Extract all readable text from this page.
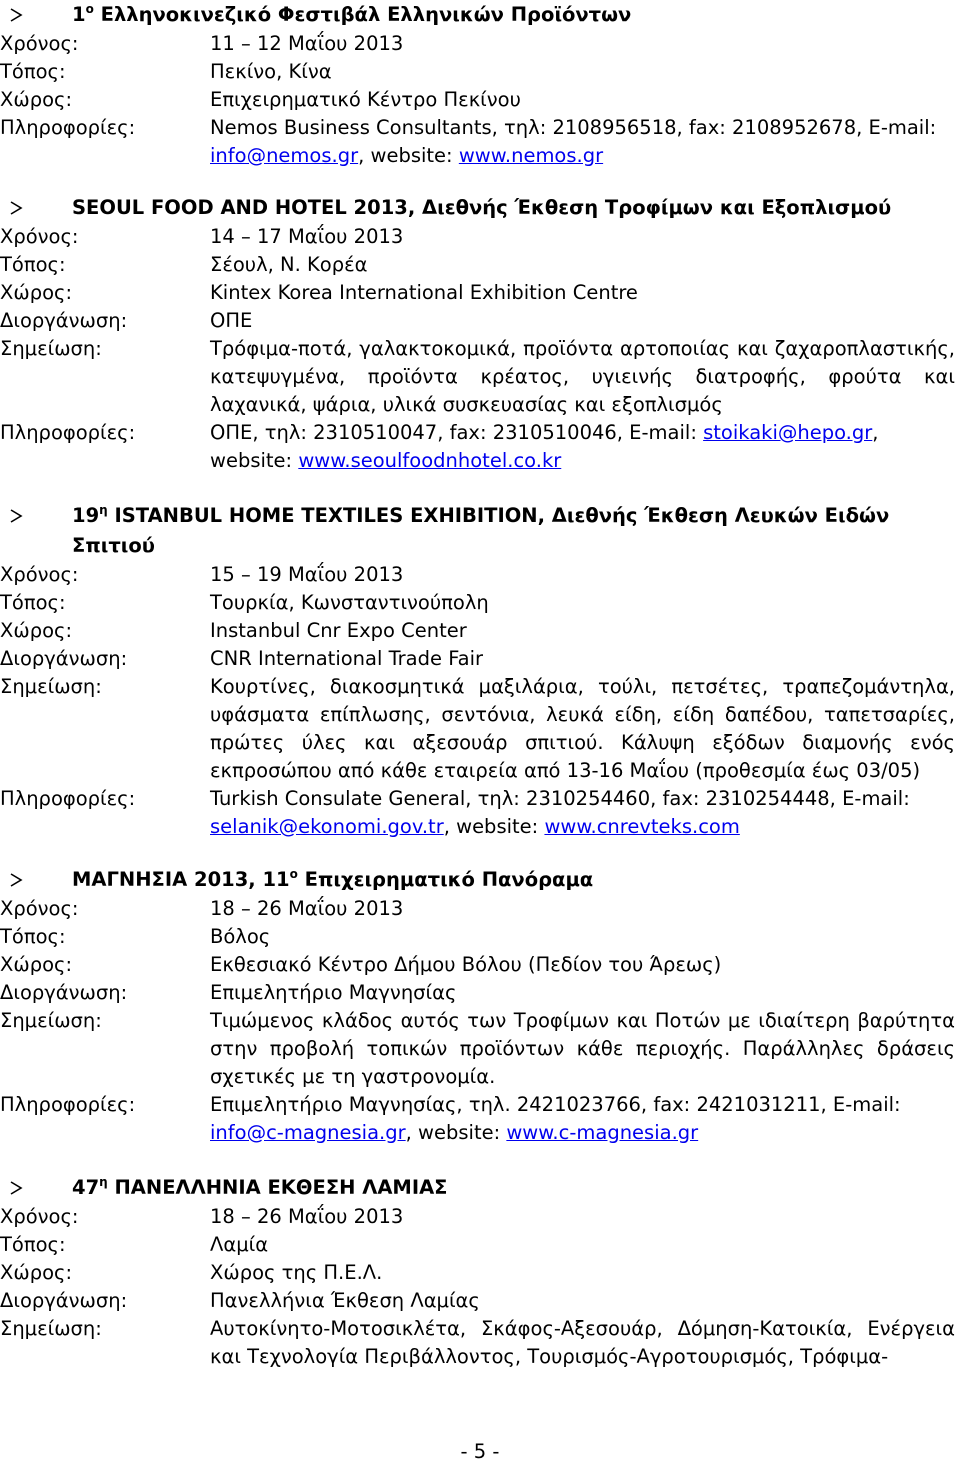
$1^o$ Ελληνοκινεζικό Φεστιβάλ Ελληνικών Προϊόντων
Χρόνος:	11 – 12 Μαΐου 2013
Τόπος:	Πεκίνο, Κίνα
Χώρος:	Επιχειρηματικό Κέντρο Πεκίνου
Πληροφορίες:	Nemos Business Consultants, τηλ: 2108956518, fax: 2108952678, E-mail: info@nemos.gr, website: www.nemos.gr
SEOUL FOOD AND HOTEL 2013, Διεθνής Έκθεση Τροφίμων και Εξοπλισμού
Χρόνος:	14 – 17 Μαΐου 2013
Τόπος:	Σέουλ, Ν. Κορέα
Χώρος:	Kintex Korea International Exhibition Centre
Διοργάνωση:	ΟΠΕ
Σημείωση:	Τρόφιμα-ποτά, γαλακτοκομικά, προϊόντα αρτοποιίας και ζαχαροπλαστικής, κατεψυγμένα, προϊόντα κρέατος, υγιεινής διατροφής, φρούτα και λαχανικά, ψάρια, υλικά συσκευασίας και εξοπλισμός
Πληροφορίες:	ΟΠΕ, τηλ: 2310510047, fax: 2310510046, E-mail: stoikaki@hepo.gr, website: www.seoulfoodnhotel.co.kr
$19^\eta$ ISTANBUL HOME TEXTILES EXHIBITION, Διεθνής Έκθεση Λευκών Ειδών Σπιτιού
Χρόνος:	15 – 19 Μαΐου 2013
Τόπος:	Τουρκία, Κωνσταντινούπολη
Χώρος:	Instanbul Cnr Expo Center
Διοργάνωση:	CNR International Trade Fair
Σημείωση:	Κουρτίνες, διακοσμητικά μαξιλάρια, τούλι, πετσέτες, τραπεζομάντηλα, υφάσματα επίπλωσης, σεντόνια, λευκά είδη, είδη δαπέδου, ταπετσαρίες, πρώτες ύλες και αξεσουάρ σπιτιού. Κάλυψη εξόδων διαμονής ενός εκπροσώπου από κάθε εταιρεία από 13-16 Μαΐου (προθεσμία έως 03/05)
Πληροφορίες:	Turkish Consulate General, τηλ: 2310254460, fax: 2310254448, E-mail: selanik@ekonomi.gov.tr, website: www.cnrevteks.com
ΜΑΓΝΗΣΙΑ 2013, $11^o$ Επιχειρηματικό Πανόραμα
Χρόνος:	18 – 26 Μαΐου 2013
Τόπος:	Βόλος
Χώρος:	Εκθεσιακό Κέντρο Δήμου Βόλου (Πεδίον του Άρεως)
Διοργάνωση:	Επιμελητήριο Μαγνησίας
Σημείωση:	Τιμώμενος κλάδος αυτός των Τροφίμων και Ποτών με ιδιαίτερη βαρύτητα στην προβολή τοπικών προϊόντων κάθε περιοχής. Παράλληλες δράσεις σχετικές με τη γαστρονομία.
Πληροφορίες:	Επιμελητήριο Μαγνησίας, τηλ. 2421023766, fax: 2421031211, E-mail: info@c-magnesia.gr, website: www.c-magnesia.gr
$47^\eta$ ΠΑΝΕΛΛΗΝΙΑ ΕΚΘΕΣΗ ΛΑΜΙΑΣ
Χρόνος:	18 – 26 Μαΐου 2013
Τόπος:	Λαμία
Χώρος:	Χώρος της Π.Ε.Λ.
Διοργάνωση:	Πανελλήνια Έκθεση Λαμίας
Σημείωση:	Αυτοκίνητο-Μοτοσικλέτα, Σκάφος-Αξεσουάρ, Δόμηση-Κατοικία, Ενέργεια και Τεχνολογία Περιβάλλοντος, Τουρισμός-Αγροτουρισμός, Τρόφιμα-
- 5 -
